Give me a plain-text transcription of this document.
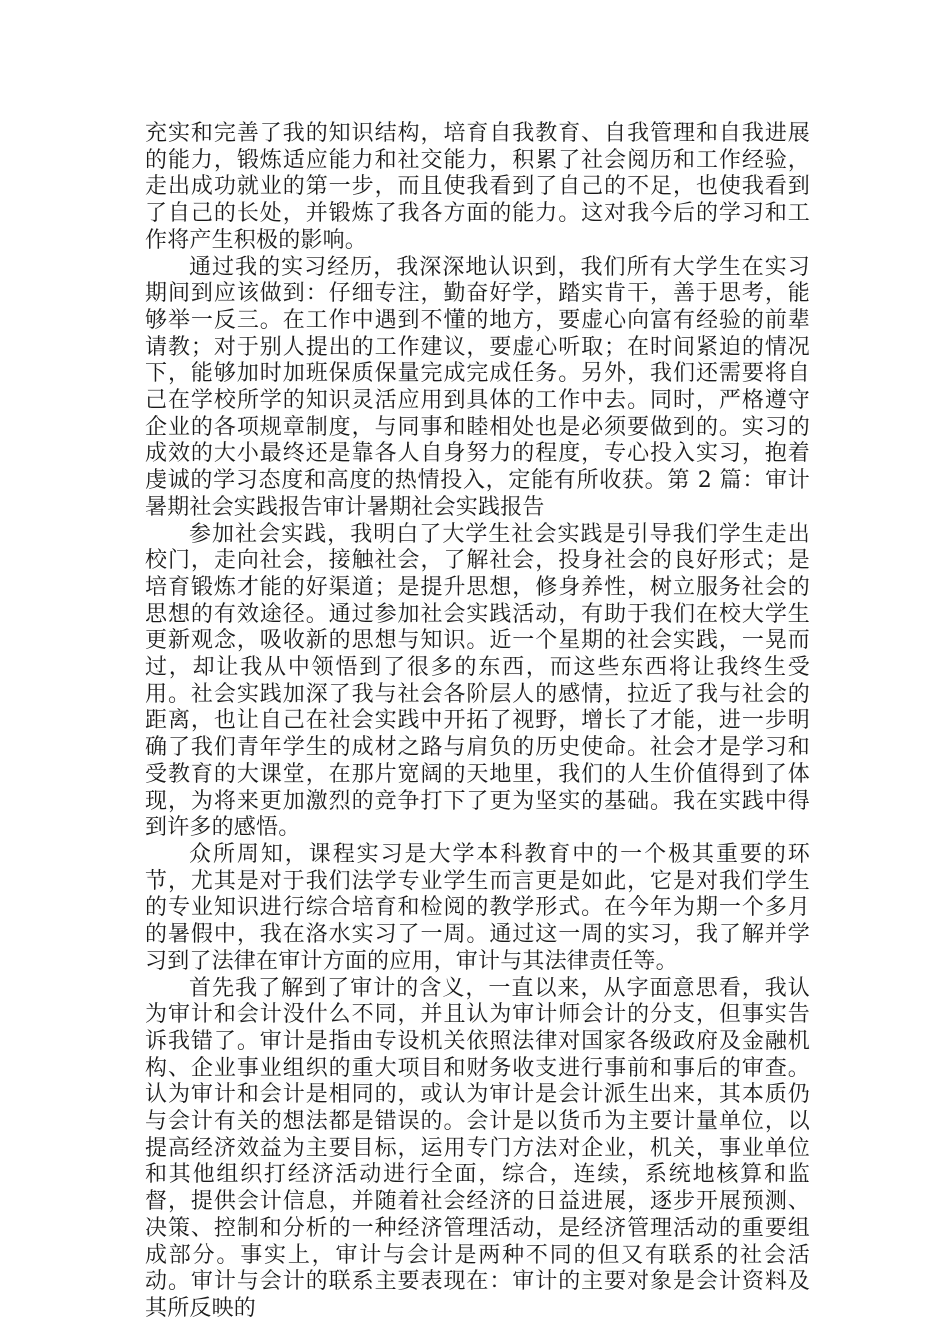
充实和完善了我的知识结构，培育自我教育、自我管理和自我进展的能力，锻炼适应能力和社交能力，积累了社会阅历和工作经验，走出成功就业的第一步，而且使我看到了自己的不足，也使我看到了自己的长处，并锻炼了我各方面的能力。这对我今后的学习和工作将产生积极的影响。

通过我的实习经历，我深深地认识到，我们所有大学生在实习期间到应该做到：仔细专注，勤奋好学，踏实肯干，善于思考，能够举一反三。在工作中遇到不懂的地方，要虚心向富有经验的前辈请教；对于别人提出的工作建议，要虚心听取；在时间紧迫的情况下，能够加时加班保质保量完成完成任务。另外，我们还需要将自己在学校所学的知识灵活应用到具体的工作中去。同时，严格遵守企业的各项规章制度，与同事和睦相处也是必须要做到的。实习的成效的大小最终还是靠各人自身努力的程度，专心投入实习，抱着虔诚的学习态度和高度的热情投入，定能有所收获。第 2 篇：审计暑期社会实践报告审计暑期社会实践报告

参加社会实践，我明白了大学生社会实践是引导我们学生走出校门，走向社会，接触社会，了解社会，投身社会的良好形式；是培育锻炼才能的好渠道；是提升思想，修身养性，树立服务社会的思想的有效途径。通过参加社会实践活动，有助于我们在校大学生更新观念，吸收新的思想与知识。近一个星期的社会实践，一晃而过，却让我从中领悟到了很多的东西，而这些东西将让我终生受用。社会实践加深了我与社会各阶层人的感情，拉近了我与社会的距离，也让自己在社会实践中开拓了视野，增长了才能，进一步明确了我们青年学生的成材之路与肩负的历史使命。社会才是学习和受教育的大课堂，在那片宽阔的天地里，我们的人生价值得到了体现，为将来更加激烈的竞争打下了更为坚实的基础。我在实践中得到许多的感悟。

众所周知，课程实习是大学本科教育中的一个极其重要的环节，尤其是对于我们法学专业学生而言更是如此，它是对我们学生的专业知识进行综合培育和检阅的教学形式。在今年为期一个多月的暑假中，我在洛水实习了一周。通过这一周的实习，我了解并学习到了法律在审计方面的应用，审计与其法律责任等。

首先我了解到了审计的含义，一直以来，从字面意思看，我认为审计和会计没什么不同，并且认为审计师会计的分支，但事实告诉我错了。审计是指由专设机关依照法律对国家各级政府及金融机构、企业事业组织的重大项目和财务收支进行事前和事后的审查。认为审计和会计是相同的，或认为审计是会计派生出来，其本质仍与会计有关的想法都是错误的。会计是以货币为主要计量单位，以提高经济效益为主要目标，运用专门方法对企业，机关，事业单位和其他组织打经济活动进行全面，综合，连续，系统地核算和监督，提供会计信息，并随着社会经济的日益进展，逐步开展预测、决策、控制和分析的一种经济管理活动，是经济管理活动的重要组成部分。事实上，审计与会计是两种不同的但又有联系的社会活动。审计与会计的联系主要表现在：审计的主要对象是会计资料及其所反映的
